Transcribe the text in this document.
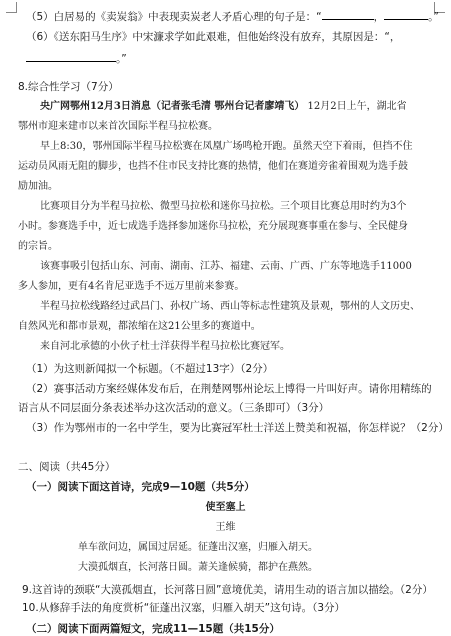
（5）白居易的《卖炭翁》中表现卖炭老人矛盾心理的句子是：“	，	。”
（6）《送东阳马生序》中宋濂求学如此艰难，但他始终没有放弃，其原因是：“，
。”
8.综合性学习（7分）
央广网鄂州12月3日消息（记者张毛清 鄂州台记者廖靖飞） 12月2日上午，湖北省
鄂州市迎来建市以来首次国际半程马拉松赛。
早上8:30，鄂州国际半程马拉松赛在凤凰广场鸣枪开跑。虽然天空下着雨，但挡不住
运动员风雨无阻的脚步，也挡不住市民支持比赛的热情，他们在赛道旁雀着围观为选手鼓
励加油。
比赛项目分为半程马拉松、微型马拉松和迷你马拉松。三个项目比赛总用时约为3个
小时。参赛选手中，近七成选手选择参加迷你马拉松，充分展现赛事重在参与、全民健身
的宗旨。
该赛事吸引包括山东、河南、湖南、江苏、福建、云南、广西、广东等地选手11000
多人参加，更有4名肯尼亚选手不远万里前来参赛。
半程马拉松线路经过武昌门、孙权广场、西山等标志性建筑及景观，鄂州的人文历史、
自然风光和都市景观，都浓缩在这21公里多的赛道中。
来自河北承德的小伙子杜士洋获得半程马拉松比赛冠军。
（1）为这则新闻拟一个标题。（不超过13字）（2分）
（2）赛事活动方案经媒体发布后，在荆楚网鄂州论坛上博得一片叫好声。请你用精练的
语言从不同层面分条表述举办这次活动的意义。（三条即可）（3分）
（3）作为鄂州市的一名中学生，要为比赛冠军杜士洋送上赞美和祝福，你怎样说？（2分）
二、阅读（共45分）
（一）阅读下面这首诗，完成9—10题（共5分）
使至塞上
王维
单车欲问边，属国过居延。征蓬出汉塞，归雁入胡天。
大漠孤烟直，长河落日圆。萧关逢候骑，都护在燕然。
9.这首诗的颈联“大漠孤烟直，长河落日圆”意境优美，请用生动的语言加以描绘。（2分）
10.从修辞手法的角度赏析“征蓬出汉塞，归雁入胡天”这句诗。（3分）
（二）阅读下面两篇短文，完成11—15题（共15分）
